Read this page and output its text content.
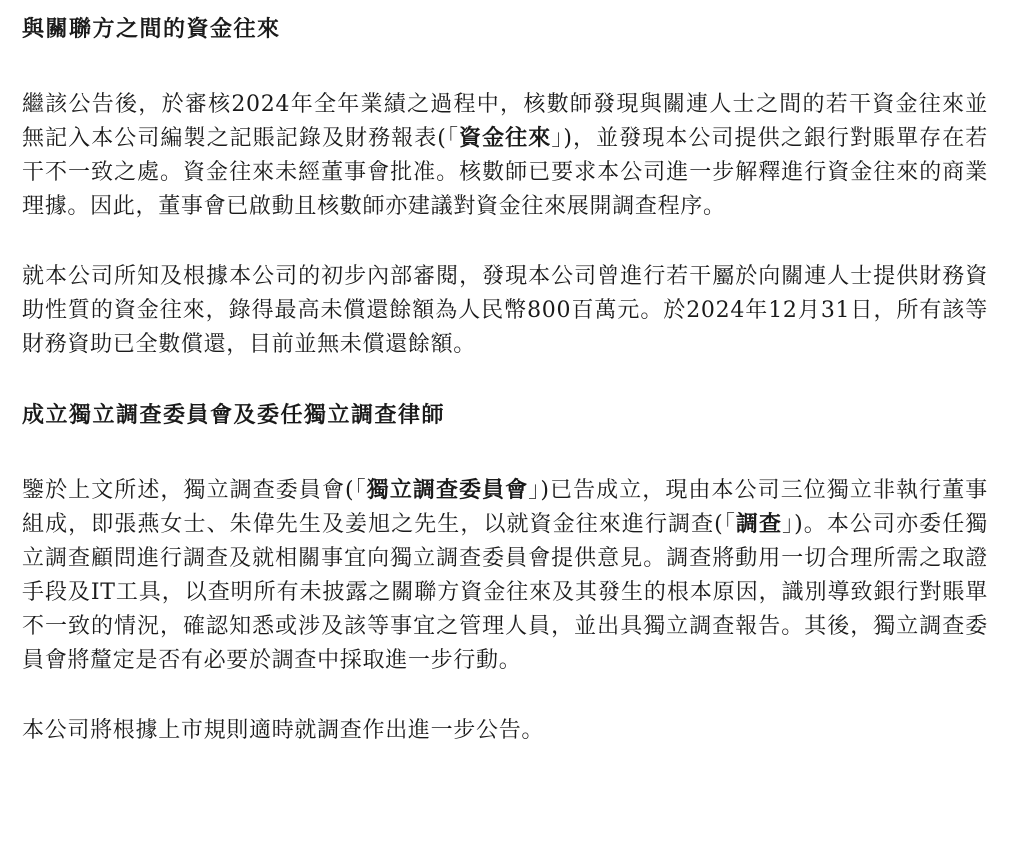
與關聯方之間的資金往來

繼該公告後，於審核2024年全年業績之過程中，核數師發現與關連人士之間的若干資金往來並無記入本公司編製之記賬記錄及財務報表(「資金往來」)，並發現本公司提供之銀行對賬單存在若干不一致之處。資金往來未經董事會批准。核數師已要求本公司進一步解釋進行資金往來的商業理據。因此，董事會已啟動且核數師亦建議對資金往來展開調查程序。

就本公司所知及根據本公司的初步內部審閱，發現本公司曾進行若干屬於向關連人士提供財務資助性質的資金往來，錄得最高未償還餘額為人民幣800百萬元。於2024年12月31日，所有該等財務資助已全數償還，目前並無未償還餘額。

成立獨立調查委員會及委任獨立調查律師

鑒於上文所述，獨立調查委員會(「獨立調查委員會」)已告成立，現由本公司三位獨立非執行董事組成，即張燕女士、朱偉先生及姜旭之先生，以就資金往來進行調查(「調查」)。本公司亦委任獨立調查顧問進行調查及就相關事宜向獨立調查委員會提供意見。調查將動用一切合理所需之取證手段及IT工具，以查明所有未披露之關聯方資金往來及其發生的根本原因，識別導致銀行對賬單不一致的情況，確認知悉或涉及該等事宜之管理人員，並出具獨立調查報告。其後，獨立調查委員會將釐定是否有必要於調查中採取進一步行動。

本公司將根據上市規則適時就調查作出進一步公告。
